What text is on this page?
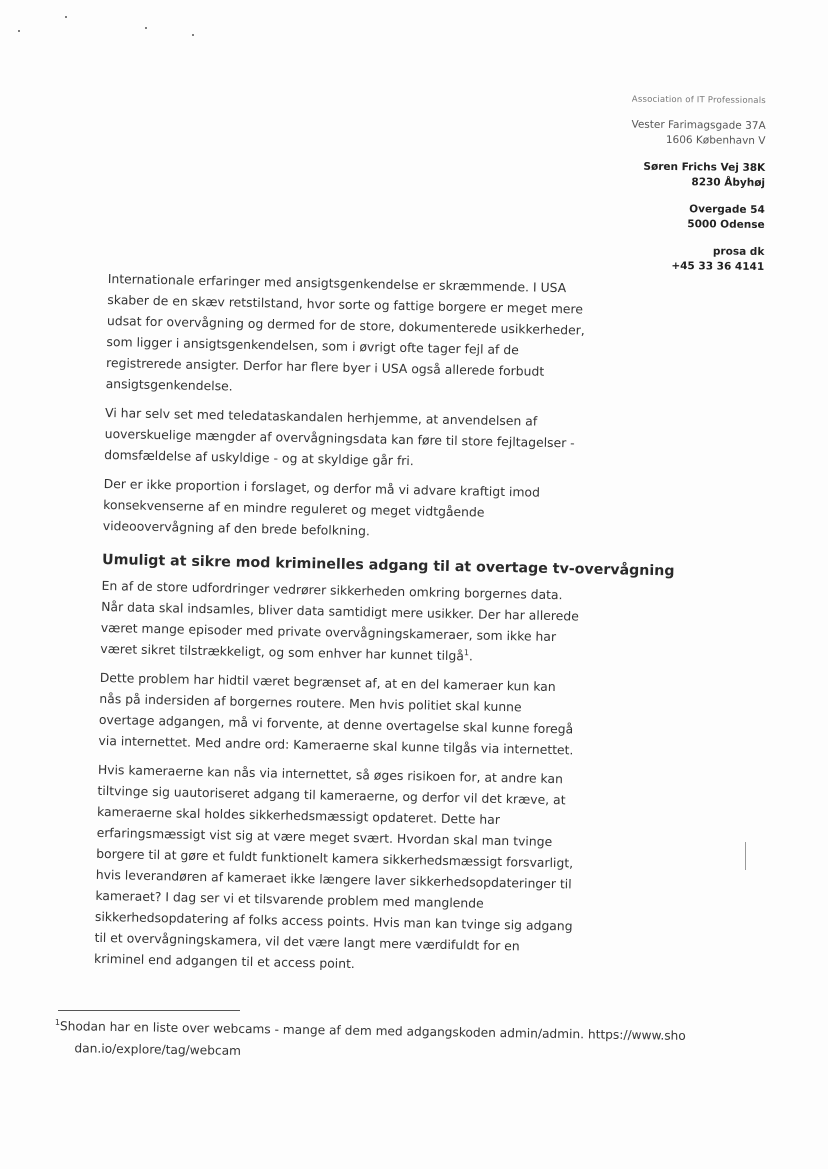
Association of IT Professionals
Vester Farimagsgade 37A
1606 København V
Søren Frichs Vej 38K
8230 Åbyhøj
Overgade 54
5000 Odense
prosa dk
+45 33 36 4141

Internationale erfaringer med ansigtsgenkendelse er skræmmende. I USA skaber de en skæv retstilstand, hvor sorte og fattige borgere er meget mere udsat for overvågning og dermed for de store, dokumenterede usikkerheder, som ligger i ansigtsgenkendelsen, som i øvrigt ofte tager fejl af de registrerede ansigter. Derfor har flere byer i USA også allerede forbudt ansigtsgenkendelse.

Vi har selv set med teledataskandalen herhjemme, at anvendelsen af uoverskuelige mængder af overvågningsdata kan føre til store fejltagelser - domsfældelse af uskyldige - og at skyldige går fri.

Der er ikke proportion i forslaget, og derfor må vi advare kraftigt imod konsekvenserne af en mindre reguleret og meget vidtgående videoovervågning af den brede befolkning.

Umuligt at sikre mod kriminelles adgang til at overtage tv-overvågning

En af de store udfordringer vedrører sikkerheden omkring borgernes data. Når data skal indsamles, bliver data samtidigt mere usikker. Der har allerede været mange episoder med private overvågningskameraer, som ikke har været sikret tilstrækkeligt, og som enhver har kunnet tilgå$^1$.

Dette problem har hidtil været begrænset af, at en del kameraer kun kan nås på indersiden af borgernes routere. Men hvis politiet skal kunne overtage adgangen, må vi forvente, at denne overtagelse skal kunne foregå via internettet. Med andre ord: Kameraerne skal kunne tilgås via internettet.

Hvis kameraerne kan nås via internettet, så øges risikoen for, at andre kan tiltvinge sig uautoriseret adgang til kameraerne, og derfor vil det kræve, at kameraerne skal holdes sikkerhedsmæssigt opdateret. Dette har erfaringsmæssigt vist sig at være meget svært. Hvordan skal man tvinge borgere til at gøre et fuldt funktionelt kamera sikkerhedsmæssigt forsvarligt, hvis leverandøren af kameraet ikke længere laver sikkerhedsopdateringer til kameraet? I dag ser vi et tilsvarende problem med manglende sikkerhedsopdatering af folks access points. Hvis man kan tvinge sig adgang til et overvågningskamera, vil det være langt mere værdifuldt for en kriminel end adgangen til et access point.

$^1$Shodan har en liste over webcams - mange af dem med adgangskoden admin/admin. https://www.sho
dan.io/explore/tag/webcam
